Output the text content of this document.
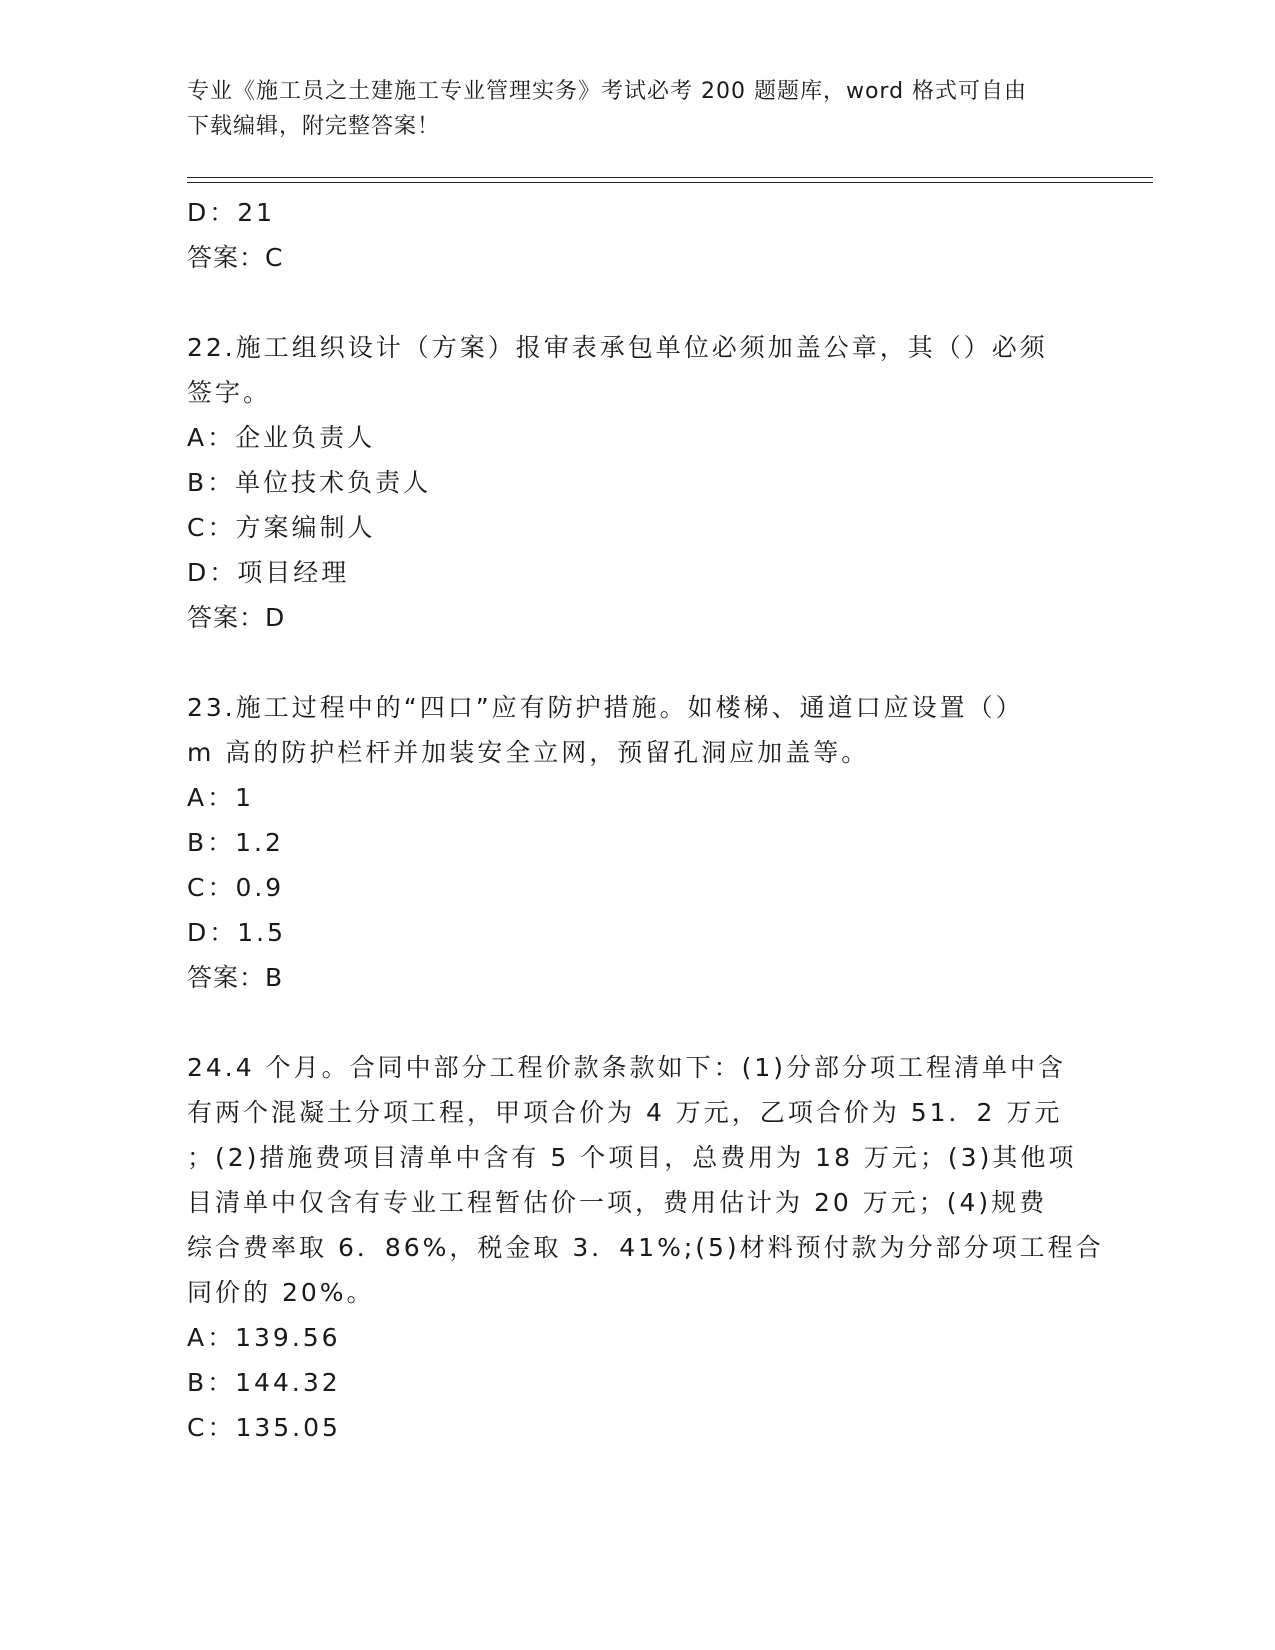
专业《施工员之土建施工专业管理实务》考试必考 200 题题库，word 格式可自由
下载编辑，附完整答案！
D：21
答案：C
22.施工组织设计（方案）报审表承包单位必须加盖公章，其（）必须
签字。
A：企业负责人
B：单位技术负责人
C：方案编制人
D：项目经理
答案：D
23.施工过程中的“四口”应有防护措施。如楼梯、通道口应设置（）
m 高的防护栏杆并加装安全立网，预留孔洞应加盖等。
A：1
B：1.2
C：0.9
D：1.5
答案：B
24.4 个月。合同中部分工程价款条款如下：(1)分部分项工程清单中含
有两个混凝土分项工程，甲项合价为 4 万元，乙项合价为 51．2 万元
；(2)措施费项目清单中含有 5 个项目，总费用为 18 万元；(3)其他项
目清单中仅含有专业工程暂估价一项，费用估计为 20 万元；(4)规费
综合费率取 6．86%，税金取 3．41%;(5)材料预付款为分部分项工程合
同价的 20%。
A：139.56
B：144.32
C：135.05
